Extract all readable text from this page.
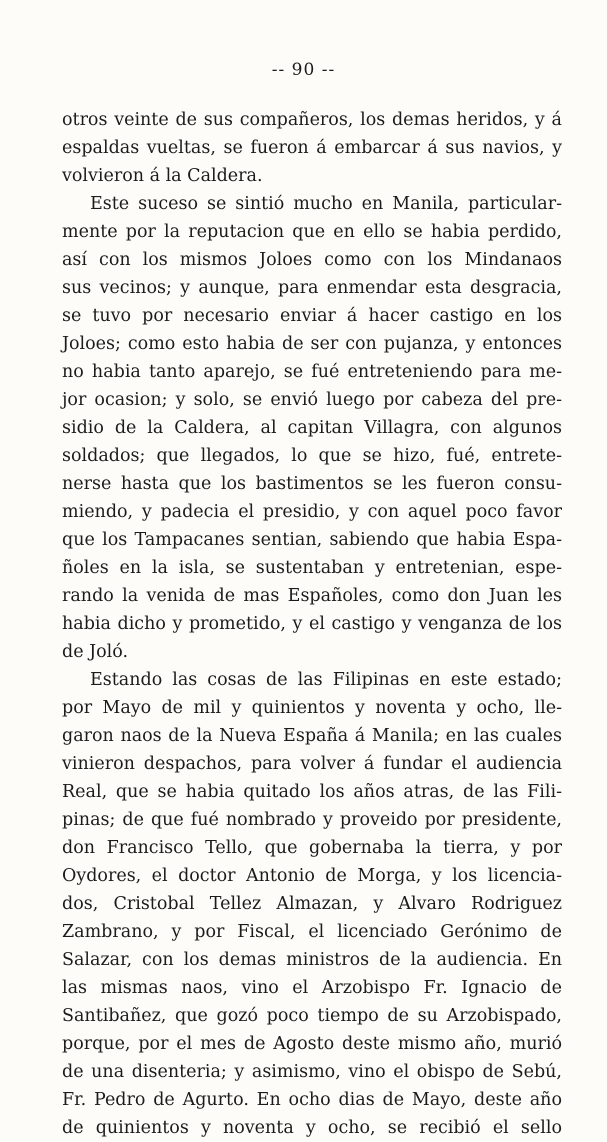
-- 90 --
otros veinte de sus compañeros, los demas heridos, y á
espaldas vueltas, se fueron á embarcar á sus navios, y
volvieron á la Caldera.
Este suceso se sintió mucho en Manila, particular-
mente por la reputacion que en ello se habia perdido,
así con los mismos Joloes como con los Mindanaos
sus vecinos; y aunque, para enmendar esta desgracia,
se tuvo por necesario enviar á hacer castigo en los
Joloes; como esto habia de ser con pujanza, y entonces
no habia tanto aparejo, se fué entreteniendo para me-
jor ocasion; y solo, se envió luego por cabeza del pre-
sidio de la Caldera, al capitan Villagra, con algunos
soldados; que llegados, lo que se hizo, fué, entrete-
nerse hasta que los bastimentos se les fueron consu-
miendo, y padecia el presidio, y con aquel poco favor
que los Tampacanes sentian, sabiendo que habia Espa-
ñoles en la isla, se sustentaban y entretenian, espe-
rando la venida de mas Españoles, como don Juan les
habia dicho y prometido, y el castigo y venganza de los
de Joló.
Estando las cosas de las Filipinas en este estado;
por Mayo de mil y quinientos y noventa y ocho, lle-
garon naos de la Nueva España á Manila; en las cuales
vinieron despachos, para volver á fundar el audiencia
Real, que se habia quitado los años atras, de las Fili-
pinas; de que fué nombrado y proveido por presidente,
don Francisco Tello, que gobernaba la tierra, y por
Oydores, el doctor Antonio de Morga, y los licencia-
dos, Cristobal Tellez Almazan, y Alvaro Rodriguez
Zambrano, y por Fiscal, el licenciado Gerónimo de
Salazar, con los demas ministros de la audiencia. En
las mismas naos, vino el Arzobispo Fr. Ignacio de
Santibañez, que gozó poco tiempo de su Arzobispado,
porque, por el mes de Agosto deste mismo año, murió
de una disenteria; y asimismo, vino el obispo de Sebú,
Fr. Pedro de Agurto. En ocho dias de Mayo, deste año
de quinientos y noventa y ocho, se recibió el sello
